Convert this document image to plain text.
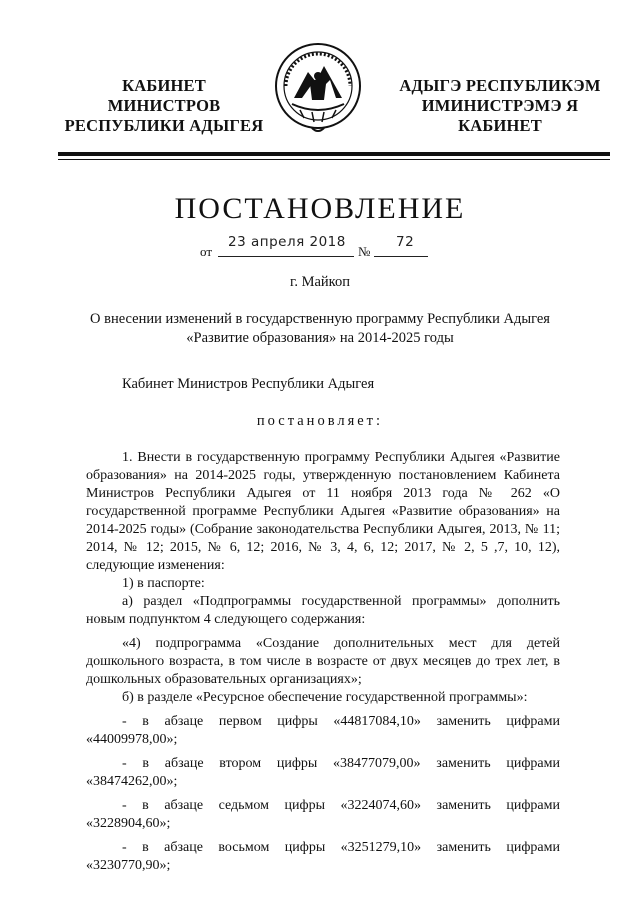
КАБИНЕТ МИНИСТРОВ
РЕСПУБЛИКИ АДЫГЕЯ
АДЫГЭ РЕСПУБЛИКЭМ
ИМИНИСТРЭМЭ Я КАБИНЕТ
ПОСТАНОВЛЕНИЕ
от
23 апреля 2018
№
72
г. Майкоп
О внесении изменений в государственную программу Республики Адыгея
«Развитие образования» на 2014-2025 годы
Кабинет Министров Республики Адыгея
постановляет:

1. Внести в государственную программу Республики Адыгея «Развитие образования» на 2014-2025 годы, утвержденную постановлением Кабинета Министров Республики Адыгея от 11 ноября 2013 года № 262 «О государственной программе Республики Адыгея «Развитие образования» на 2014-2025 годы» (Собрание законодательства Республики Адыгея, 2013, № 11; 2014, № 12; 2015, № 6, 12; 2016, № 3, 4, 6, 12; 2017, № 2, 5 ,7, 10, 12), следующие изменения:

1) в паспорте:

а) раздел «Подпрограммы государственной программы» дополнить новым подпунктом 4 следующего содержания:

«4) подпрограмма «Создание дополнительных мест для детей дошкольного возраста, в том числе в возрасте от двух месяцев до трех лет, в дошкольных образовательных организациях»;

б) в разделе «Ресурсное обеспечение государственной программы»:

- в абзаце первом цифры «44817084,10» заменить цифрами

«44009978,00»;

- в абзаце втором цифры «38477079,00» заменить цифрами

«38474262,00»;

- в абзаце седьмом цифры «3224074,60» заменить цифрами

«3228904,60»;

- в абзаце восьмом цифры «3251279,10» заменить цифрами

«3230770,90»;
